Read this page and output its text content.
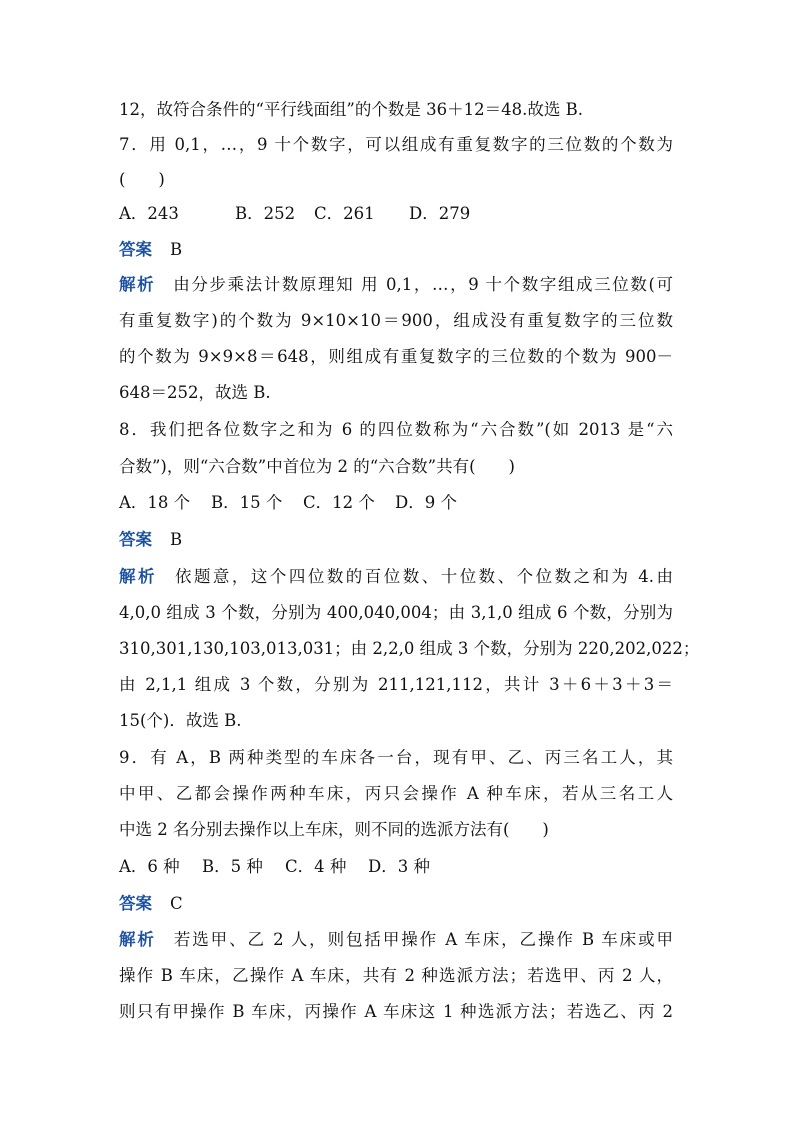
12，故符合条件的“平行线面组”的个数是 36＋12＝48.故选 B.
7．用 0,1，…，9 十个数字，可以组成有重复数字的三位数的个数为
(　　)
A．243	B．252 C．261 D．279
答案 B
解析 由分步乘法计数原理知 用 0,1，…，9 十个数字组成三位数(可
有重复数字)的个数为 9×10×10＝900，组成没有重复数字的三位数
的个数为 9×9×8＝648，则组成有重复数字的三位数的个数为 900－
648＝252，故选 B.
8．我们把各位数字之和为 6 的四位数称为“六合数”(如 2013 是“六
合数”)，则“六合数”中首位为 2 的“六合数”共有(　　)
A．18 个 B．15 个 C．12 个 D．9 个
答案 B
解析 依题意，这个四位数的百位数、十位数、个位数之和为 4.由
4,0,0 组成 3 个数，分别为 400,040,004；由 3,1,0 组成 6 个数，分别为
310,301,130,103,013,031；由 2,2,0 组成 3 个数，分别为 220,202,022；
由 2,1,1 组成 3 个数，分别为 211,121,112，共计 3＋6＋3＋3＝
15(个)．故选 B.
9．有 A，B 两种类型的车床各一台，现有甲、乙、丙三名工人，其
中甲、乙都会操作两种车床，丙只会操作 A 种车床，若从三名工人
中选 2 名分别去操作以上车床，则不同的选派方法有(　　)
A．6 种 B．5 种 C．4 种 D．3 种
答案 C
解析 若选甲、乙 2 人，则包括甲操作 A 车床，乙操作 B 车床或甲
操作 B 车床，乙操作 A 车床，共有 2 种选派方法；若选甲、丙 2 人，
则只有甲操作 B 车床，丙操作 A 车床这 1 种选派方法；若选乙、丙 2
